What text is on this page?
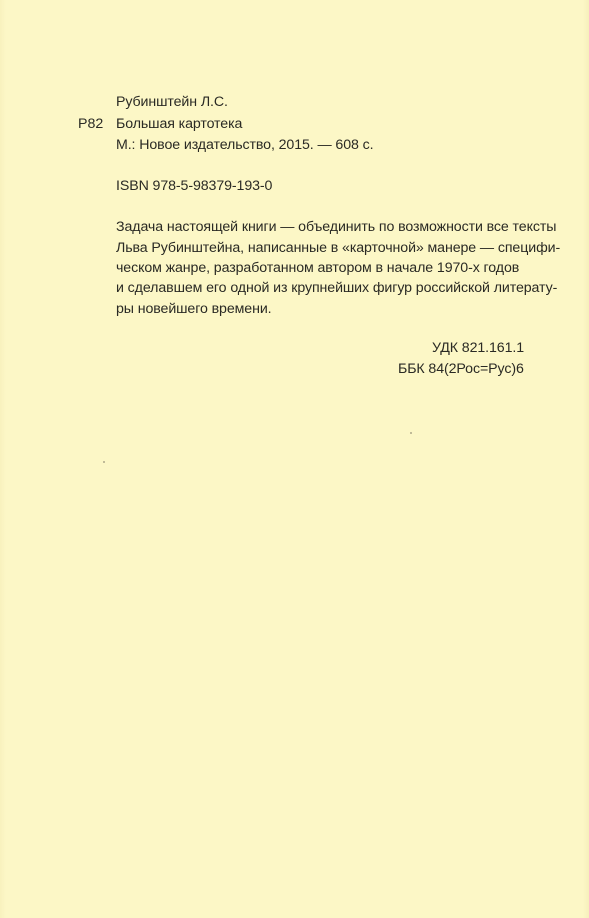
Рубинштейн Л.С.
Р82 Большая картотека
М.: Новое издательство, 2015. — 608 с.
ISBN 978-5-98379-193-0
Задача настоящей книги — объединить по возможности все тексты
Льва Рубинштейна, написанные в «карточной» манере — специфи-
ческом жанре, разработанном автором в начале 1970-х годов
и сделавшем его одной из крупнейших фигур российской литерату-
ры новейшего времени.
УДК 821.161.1
ББК 84(2Рос=Рус)6
